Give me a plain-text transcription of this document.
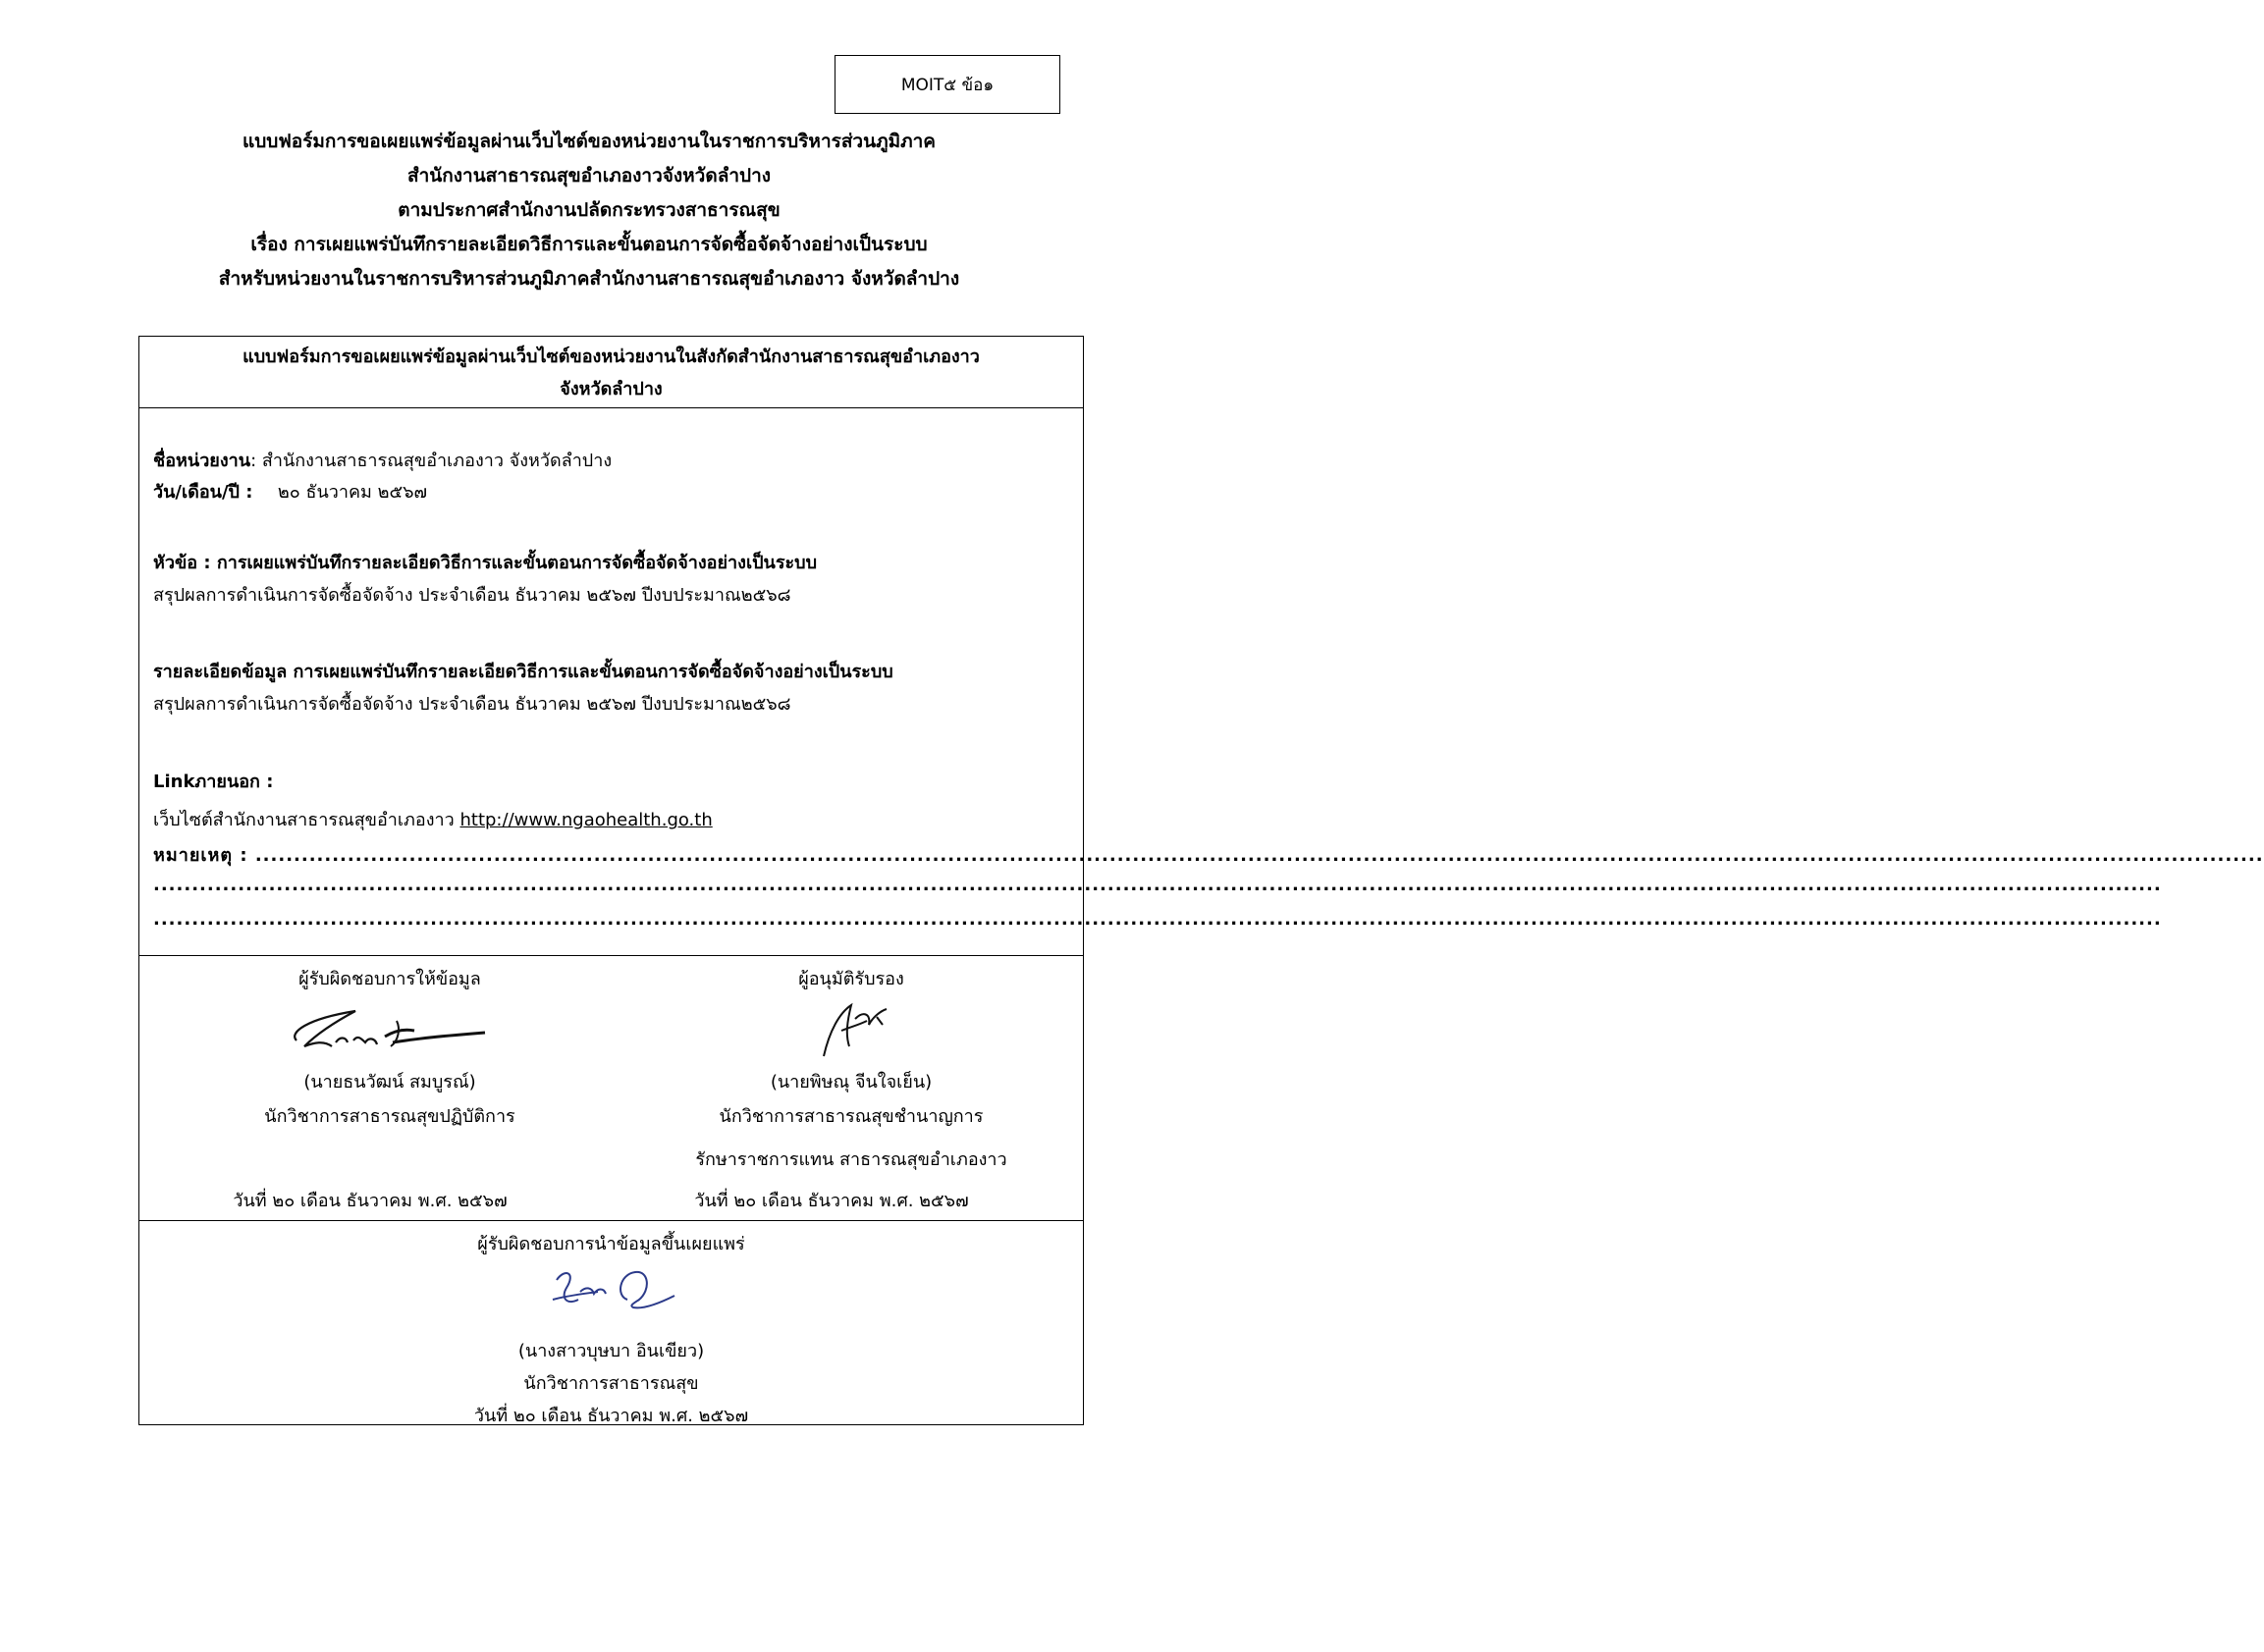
MOIT๕ ข้อ๑
แบบฟอร์มการขอเผยแพร่ข้อมูลผ่านเว็บไซต์ของหน่วยงานในราชการบริหารส่วนภูมิภาค
สำนักงานสาธารณสุขอำเภองาวจังหวัดลำปาง
ตามประกาศสำนักงานปลัดกระทรวงสาธารณสุข
เรื่อง การเผยแพร่บันทึกรายละเอียดวิธีการและขั้นตอนการจัดซื้อจัดจ้างอย่างเป็นระบบ
สำหรับหน่วยงานในราชการบริหารส่วนภูมิภาคสำนักงานสาธารณสุขอำเภองาว จังหวัดลำปาง
แบบฟอร์มการขอเผยแพร่ข้อมูลผ่านเว็บไซต์ของหน่วยงานในสังกัดสำนักงานสาธารณสุขอำเภองาว
จังหวัดลำปาง
ชื่อหน่วยงาน: สำนักงานสาธารณสุขอำเภองาว จังหวัดลำปาง
วัน/เดือน/ปี : ๒๐ ธันวาคม ๒๕๖๗
หัวข้อ : การเผยแพร่บันทึกรายละเอียดวิธีการและขั้นตอนการจัดซื้อจัดจ้างอย่างเป็นระบบ
สรุปผลการดำเนินการจัดซื้อจัดจ้าง ประจำเดือน ธันวาคม ๒๕๖๗ ปีงบประมาณ๒๕๖๘
รายละเอียดข้อมูล การเผยแพร่บันทึกรายละเอียดวิธีการและขั้นตอนการจัดซื้อจัดจ้างอย่างเป็นระบบ
สรุปผลการดำเนินการจัดซื้อจัดจ้าง ประจำเดือน ธันวาคม ๒๕๖๗ ปีงบประมาณ๒๕๖๘
Linkภายนอก :
เว็บไซต์สำนักงานสาธารณสุขอำเภองาว http://www.ngaohealth.go.th
หมายเหตุ : .....................................................................................................................................................................................................................................................................
.....................................................................................................................................................................................................................................................................
.....................................................................................................................................................................................................................................................................
ผู้รับผิดชอบการให้ข้อมูล
(นายธนวัฒน์ สมบูรณ์)
นักวิชาการสาธารณสุขปฏิบัติการ
วันที่ ๒๐ เดือน ธันวาคม พ.ศ. ๒๕๖๗
ผู้อนุมัติรับรอง
(นายพิษณุ จีนใจเย็น)
นักวิชาการสาธารณสุขชำนาญการ
รักษาราชการแทน สาธารณสุขอำเภองาว
วันที่ ๒๐ เดือน ธันวาคม พ.ศ. ๒๕๖๗
ผู้รับผิดชอบการนำข้อมูลขึ้นเผยแพร่
(นางสาวบุษบา อินเขียว)
นักวิชาการสาธารณสุข
วันที่ ๒๐ เดือน ธันวาคม พ.ศ. ๒๕๖๗
